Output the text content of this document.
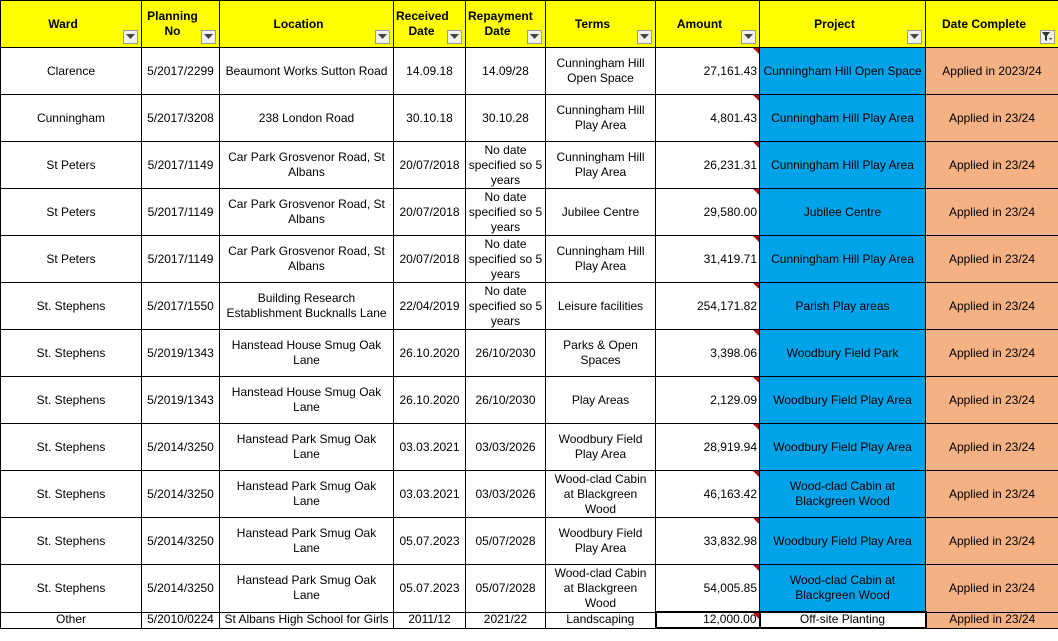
Ward	Planning No	Location	Received Date	Repayment Date	Terms	Amount	Project	Date Complete

Clarence	5/2017/2299	Beaumont Works Sutton Road	14.09.18	14.09/28	Cunningham Hill Open Space	27,161.43	Cunningham Hill Open Space	Applied in 2023/24
Cunningham	5/2017/3208	238 London Road	30.10.18	30.10.28	Cunningham Hill Play Area	4,801.43	Cunningham Hill Play Area	Applied in 23/24
St Peters	5/2017/1149	Car Park Grosvenor Road, St Albans	20/07/2018	No date specified so 5 years	Cunningham Hill Play Area	26,231.31	Cunningham Hill Play Area	Applied in 23/24
St Peters	5/2017/1149	Car Park Grosvenor Road, St Albans	20/07/2018	No date specified so 5 years	Jubilee Centre	29,580.00	Jubilee Centre	Applied in 23/24
St Peters	5/2017/1149	Car Park Grosvenor Road, St Albans	20/07/2018	No date specified so 5 years	Cunningham Hill Play Area	31,419.71	Cunningham Hill Play Area	Applied in 23/24
St. Stephens	5/2017/1550	Building Research Establishment Bucknalls Lane	22/04/2019	No date specified so 5 years	Leisure facilities	254,171.82	Parish Play areas	Applied in 23/24
St. Stephens	5/2019/1343	Hanstead House Smug Oak Lane	26.10.2020	26/10/2030	Parks & Open Spaces	3,398.06	Woodbury Field Park	Applied in 23/24
St. Stephens	5/2019/1343	Hanstead House Smug Oak Lane	26.10.2020	26/10/2030	Play Areas	2,129.09	Woodbury Field Play Area	Applied in 23/24
St. Stephens	5/2014/3250	Hanstead Park Smug Oak Lane	03.03.2021	03/03/2026	Woodbury Field Play Area	28,919.94	Woodbury Field Play Area	Applied in 23/24
St. Stephens	5/2014/3250	Hanstead Park Smug Oak Lane	03.03.2021	03/03/2026	Wood-clad Cabin at Blackgreen Wood	46,163.42	Wood-clad Cabin at Blackgreen Wood	Applied in 23/24
St. Stephens	5/2014/3250	Hanstead Park Smug Oak Lane	05.07.2023	05/07/2028	Woodbury Field Play Area	33,832.98	Woodbury Field Play Area	Applied in 23/24
St. Stephens	5/2014/3250	Hanstead Park Smug Oak Lane	05.07.2023	05/07/2028	Wood-clad Cabin at Blackgreen Wood	54,005.85	Wood-clad Cabin at Blackgreen Wood	Applied in 23/24
Other	5/2010/0224	St Albans High School for Girls	2011/12	2021/22	Landscaping	12,000.00	Off-site Planting	Applied in 23/24
